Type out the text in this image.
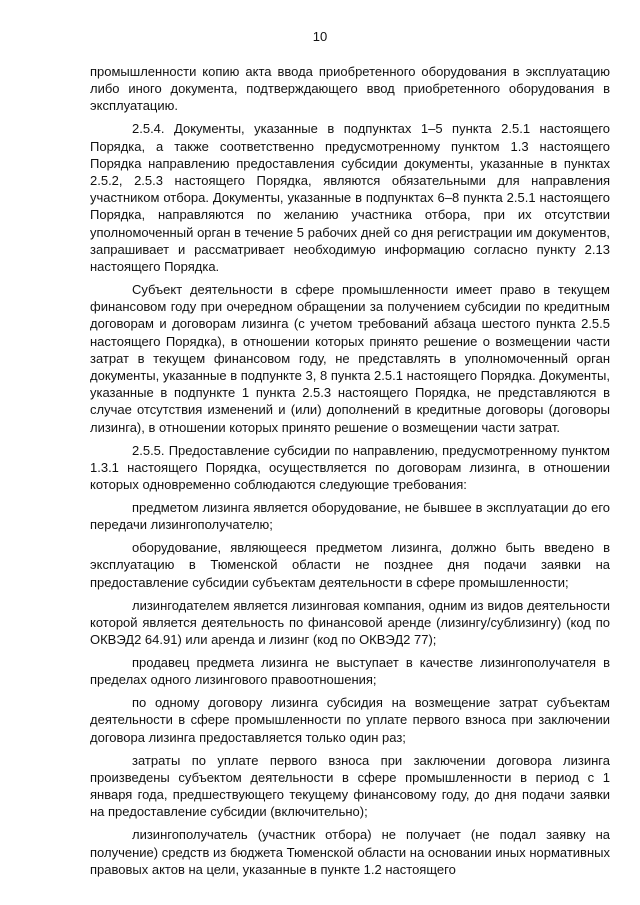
10

промышленности копию акта ввода приобретенного оборудования в эксплуатацию либо иного документа, подтверждающего ввод приобретенного оборудования в эксплуатацию.

2.5.4. Документы, указанные в подпунктах 1–5 пункта 2.5.1 настоящего Порядка, а также соответственно предусмотренному пунктом 1.3 настоящего Порядка направлению предоставления субсидии документы, указанные в пунктах 2.5.2, 2.5.3 настоящего Порядка, являются обязательными для направления участником отбора. Документы, указанные в подпунктах 6–8 пункта 2.5.1 настоящего Порядка, направляются по желанию участника отбора, при их отсутствии уполномоченный орган в течение 5 рабочих дней со дня регистрации им документов, запрашивает и рассматривает необходимую информацию согласно пункту 2.13 настоящего Порядка.

Субъект деятельности в сфере промышленности имеет право в текущем финансовом году при очередном обращении за получением субсидии по кредитным договорам и договорам лизинга (с учетом требований абзаца шестого пункта 2.5.5 настоящего Порядка), в отношении которых принято решение о возмещении части затрат в текущем финансовом году, не представлять в уполномоченный орган документы, указанные в подпункте 3, 8 пункта 2.5.1 настоящего Порядка. Документы, указанные в подпункте 1 пункта 2.5.3 настоящего Порядка, не представляются в случае отсутствия изменений и (или) дополнений в кредитные договоры (договоры лизинга), в отношении которых принято решение о возмещении части затрат.

2.5.5. Предоставление субсидии по направлению, предусмотренному пунктом 1.3.1 настоящего Порядка, осуществляется по договорам лизинга, в отношении которых одновременно соблюдаются следующие требования:

предметом лизинга является оборудование, не бывшее в эксплуатации до его передачи лизингополучателю;

оборудование, являющееся предметом лизинга, должно быть введено в эксплуатацию в Тюменской области не позднее дня подачи заявки на предоставление субсидии субъектам деятельности в сфере промышленности;

лизингодателем является лизинговая компания, одним из видов деятельности которой является деятельность по финансовой аренде (лизингу/сублизингу) (код по ОКВЭД2 64.91) или аренда и лизинг (код по ОКВЭД2 77);

продавец предмета лизинга не выступает в качестве лизингополучателя в пределах одного лизингового правоотношения;

по одному договору лизинга субсидия на возмещение затрат субъектам деятельности в сфере промышленности по уплате первого взноса при заключении договора лизинга предоставляется только один раз;

затраты по уплате первого взноса при заключении договора лизинга произведены субъектом деятельности в сфере промышленности в период с 1 января года, предшествующего текущему финансовому году, до дня подачи заявки на предоставление субсидии (включительно);

лизингополучатель (участник отбора) не получает (не подал заявку на получение) средств из бюджета Тюменской области на основании иных нормативных правовых актов на цели, указанные в пункте 1.2 настоящего
